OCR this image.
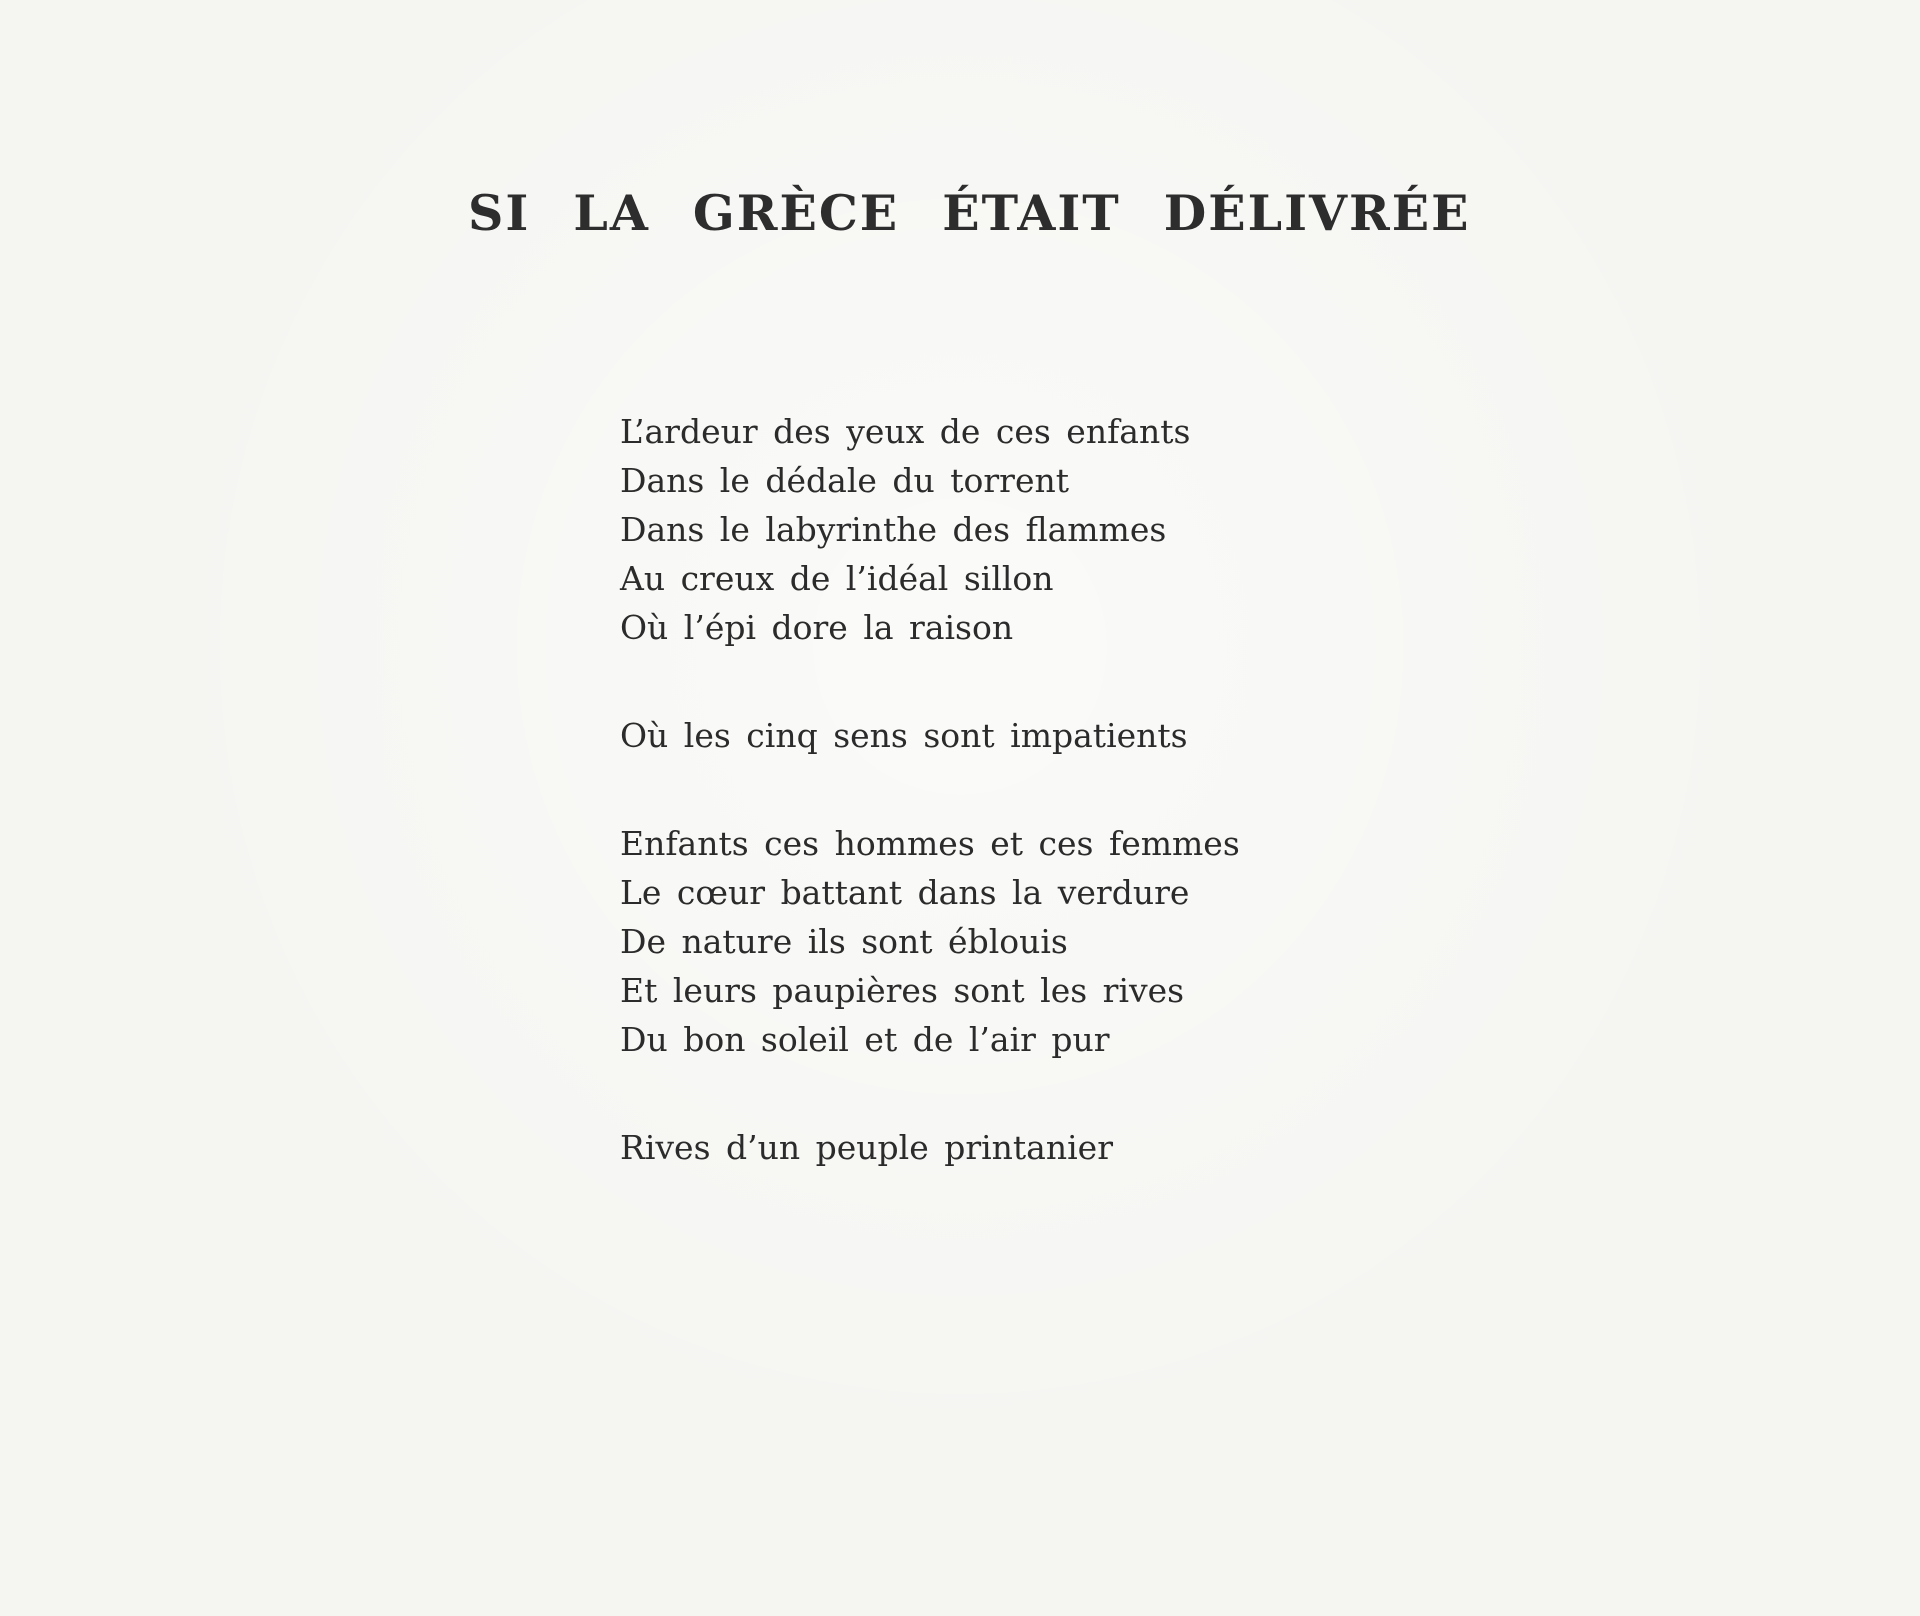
SI LA GRÈCE ÉTAIT DÉLIVRÉE
L’ardeur des yeux de ces enfants
Dans le dédale du torrent
Dans le labyrinthe des flammes
Au creux de l’idéal sillon
Où l’épi dore la raison
Où les cinq sens sont impatients
Enfants ces hommes et ces femmes
Le cœur battant dans la verdure
De nature ils sont éblouis
Et leurs paupières sont les rives
Du bon soleil et de l’air pur
Rives d’un peuple printanier
